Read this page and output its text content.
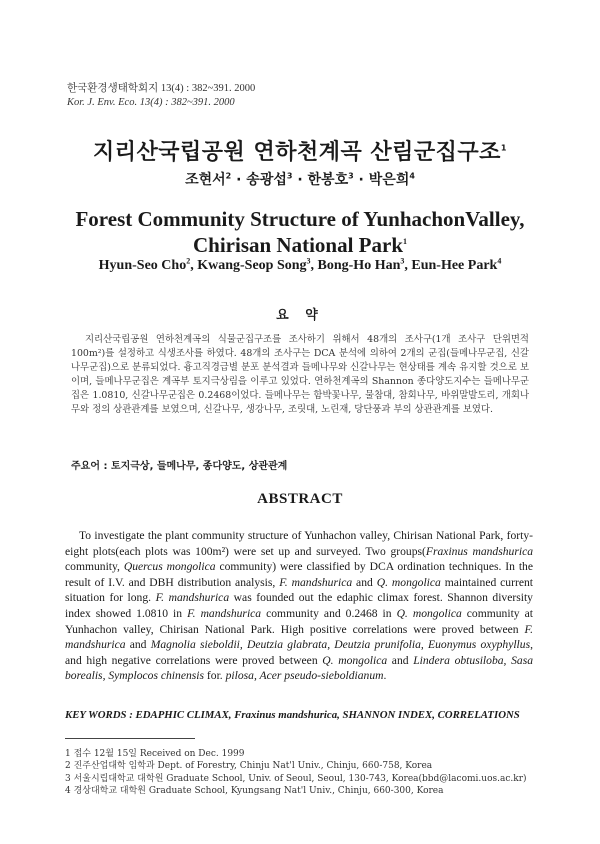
한국환경생태학회지 13(4) : 382~391. 2000
Kor. J. Env. Eco. 13(4) : 382~391. 2000
지리산국립공원 연하천계곡 산림군집구조$^1$
조현서$^2$ · 송광섭$^3$ · 한봉호$^3$ · 박은희$^4$
Forest Community Structure of YunhachonValley,
Chirisan National Park$^1$
Hyun-Seo Cho$^2$, Kwang-Seop Song$^3$, Bong-Ho Han$^3$, Eun-Hee Park$^4$
요 약

지리산국립공원 연하천계곡의 식물군집구조를 조사하기 위해서 48개의 조사구(1개 조사구 단위면적 100m²)를 설정하고 식생조사를 하였다. 48개의 조사구는 DCA 분석에 의하여 2개의 군집(들메나무군집, 신갈나무군집)으로 분류되었다. 흉고직경급별 분포 분석결과 들메나무와 신갈나무는 현상태를 계속 유지할 것으로 보이며, 들메나무군집은 계곡부 토지극상림을 이루고 있었다. 연하천계곡의 Shannon 종다양도지수는 들메나무군집은 1.0810, 신갈나무군집은 0.2468이었다. 들메나무는 함박꽃나무, 물참대, 참회나무, 바위말발도리, 개회나무와 정의 상관관계를 보였으며, 신갈나무, 생강나무, 조릿대, 노린재, 당단풍과 부의 상관관계를 보였다.

주요어 : 토지극상, 들메나무, 종다양도, 상관관계
ABSTRACT

To investigate the plant community structure of Yunhachon valley, Chirisan National Park, forty-eight plots(each plots was 100m²) were set up and surveyed. Two groups(Fraxinus mandshurica community, Quercus mongolica community) were classified by DCA ordination techniques. In the result of I.V. and DBH distribution analysis, F. mandshurica and Q. mongolica maintained current situation for long. F. mandshurica was founded out the edaphic climax forest. Shannon diversity index showed 1.0810 in F. mandshurica community and 0.2468 in Q. mongolica community at Yunhachon valley, Chirisan National Park. High positive correlations were proved between F. mandshurica and Magnolia sieboldii, Deutzia glabrata, Deutzia prunifolia, Euonymus oxyphyllus, and high negative correlations were proved between Q. mongolica and Lindera obtusiloba, Sasa borealis, Symplocos chinensis for. pilosa, Acer pseudo-sieboldianum.

KEY WORDS : EDAPHIC CLIMAX, Fraxinus mandshurica, SHANNON INDEX, CORRELATIONS
1 접수 12월 15일 Received on Dec. 1999
2 진주산업대학 임학과 Dept. of Forestry, Chinju Nat'l Univ., Chinju, 660-758, Korea
3 서울시립대학교 대학원 Graduate School, Univ. of Seoul, Seoul, 130-743, Korea(bbd@lacomi.uos.ac.kr)
4 경상대학교 대학원 Graduate School, Kyungsang Nat'l Univ., Chinju, 660-300, Korea
